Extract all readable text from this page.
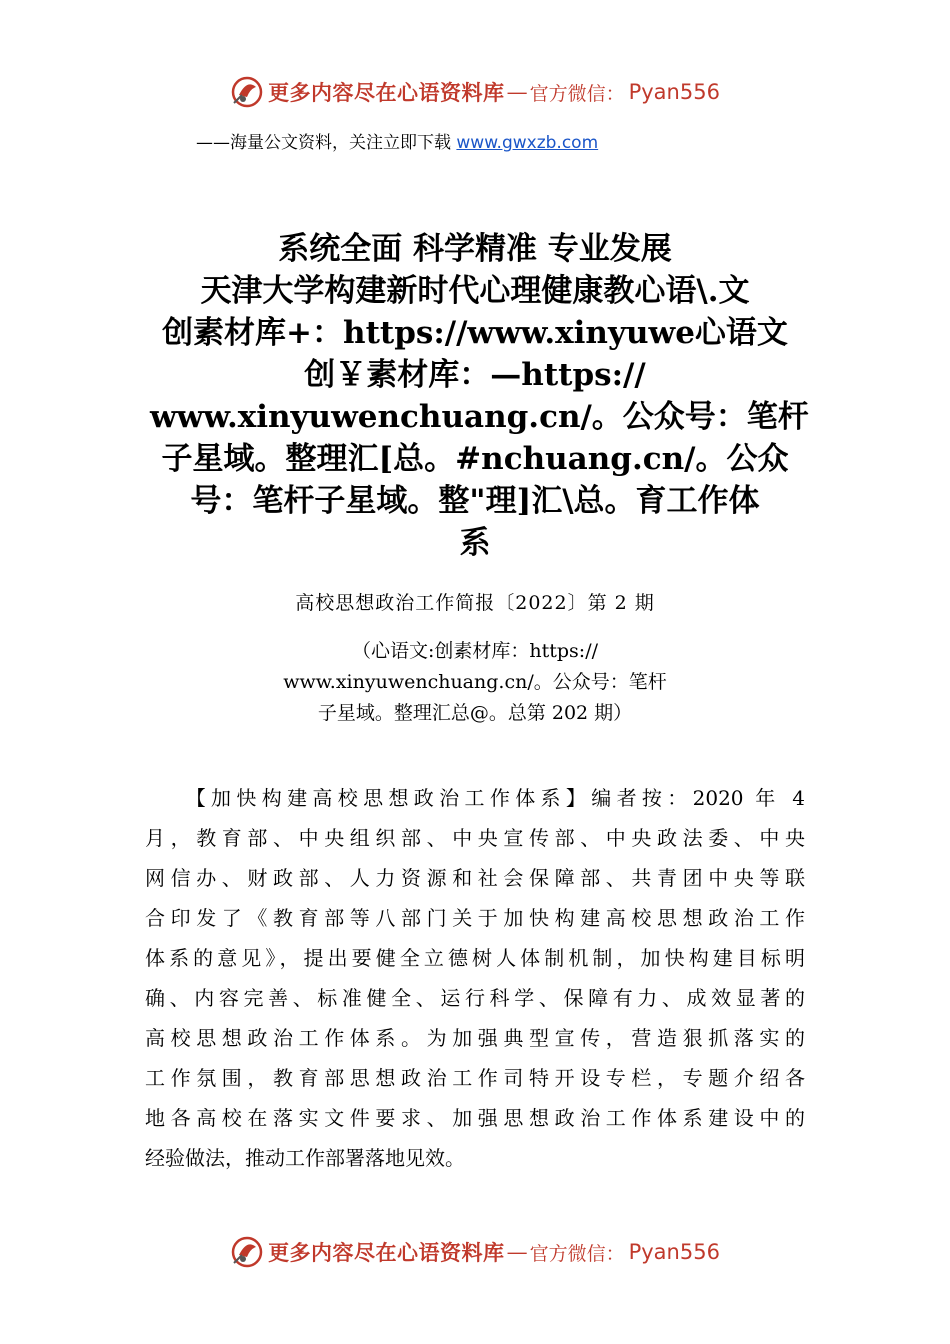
更多内容尽在心语资料库 — 官方微信： Pyan556
——海量公文资料，关注立即下载 www.gwxzb.com
系统全面 科学精准 专业发展
天津大学构建新时代心理健康教心语\.文
创素材库+：https://www.xinyuwe心语文
创￥素材库：—https://
www.xinyuwenchuang.cn/。公众号：笔杆
子星域。整理汇[总。#nchuang.cn/。公众
号：笔杆子星域。整"理]汇\总。育工作体
系
高校思想政治工作简报〔2022〕第 2 期
（心语文:创素材库：https://
www.xinyuwenchuang.cn/。公众号：笔杆
子星域。整理汇总@。总第 202 期）
　　【加快构建高校思想政治工作体系】编者按：2020 年 4
月，教育部、中央组织部、中央宣传部、中央政法委、中央
网信办、财政部、人力资源和社会保障部、共青团中央等联
合印发了《教育部等八部门关于加快构建高校思想政治工作
体系的意见》，提出要健全立德树人体制机制，加快构建目标明
确、内容完善、标准健全、运行科学、保障有力、成效显著的
高校思想政治工作体系。为加强典型宣传，营造狠抓落实的
工作氛围，教育部思想政治工作司特开设专栏，专题介绍各
地各高校在落实文件要求、加强思想政治工作体系建设中的
经验做法，推动工作部署落地见效。
更多内容尽在心语资料库 — 官方微信： Pyan556
